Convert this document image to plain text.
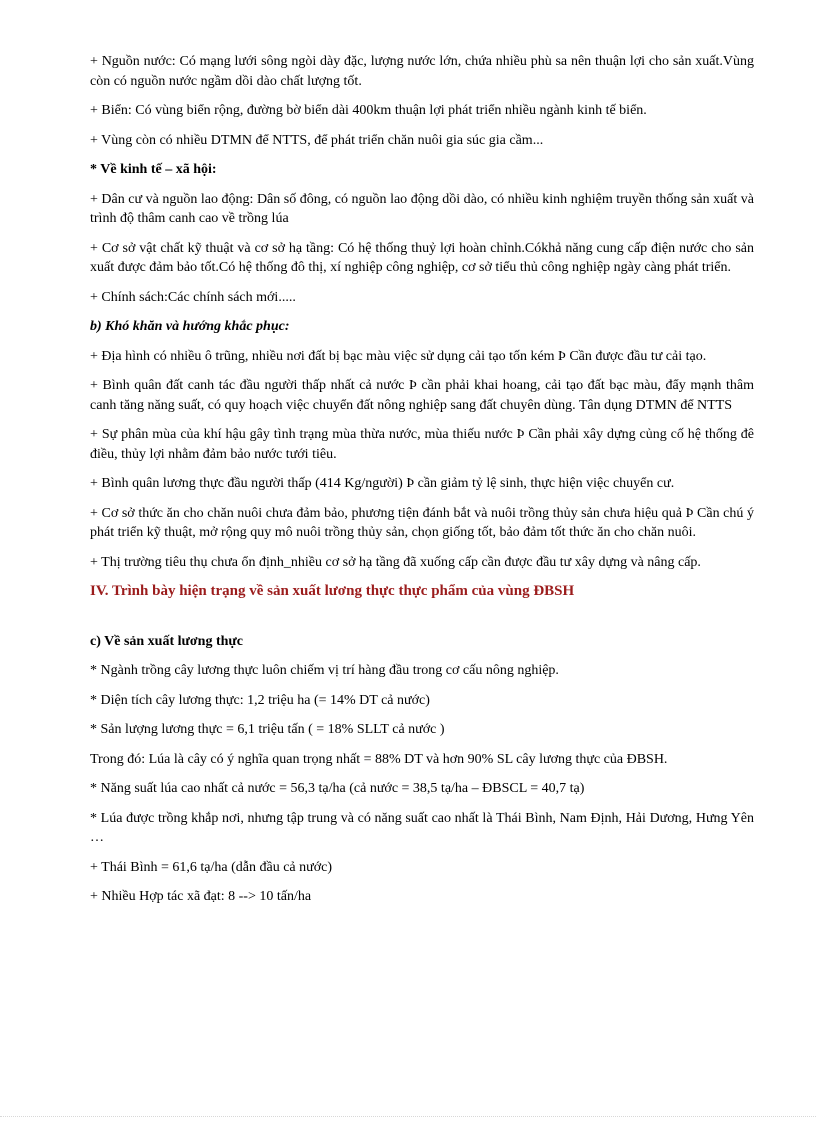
+ Nguồn nước: Có mạng lưới sông ngòi dày đặc, lượng nước lớn, chứa nhiều phù sa nên thuận lợi cho sản xuất.Vùng còn có nguồn nước ngầm dồi dào chất lượng tốt.

+ Biển: Có vùng biển rộng, đường bờ biển dài 400km thuận lợi phát triển nhiều ngành kinh tế biển.

+ Vùng còn có nhiều DTMN để NTTS, để phát triển chăn nuôi gia súc gia cầm...

* Về kinh tế – xã hội:

+ Dân cư và nguồn lao động: Dân số đông, có nguồn lao động dồi dào, có nhiều kinh nghiệm truyền thống sản xuất và trình độ thâm canh cao về trồng lúa

+ Cơ sở vật chất kỹ thuật và cơ sở hạ tầng: Có hệ thống thuỷ lợi hoàn chỉnh.Cókhả năng cung cấp điện nước cho sản xuất được đảm bảo tốt.Có hệ thống đô thị, xí nghiệp công nghiệp, cơ sở tiểu thủ công nghiệp ngày càng phát triển.

+ Chính sách:Các chính sách mới.....

b) Khó khăn và hướng khắc phục:

+ Địa hình có nhiều ô trũng, nhiều nơi đất bị bạc màu việc sử dụng cải tạo tốn kém Þ Cần được đầu tư cải tạo.

+ Bình quân đất canh tác đầu người thấp nhất cả nước Þ cần phải khai hoang, cải tạo đất bạc màu, đẩy mạnh thâm canh tăng năng suất, có quy hoạch việc chuyển đất nông nghiệp sang đất chuyên dùng. Tân dụng DTMN để NTTS

+ Sự phân mùa của khí hậu gây tình trạng mùa thừa nước, mùa thiếu nước Þ Cần phải xây dựng củng cố hệ thống đê điều, thủy lợi nhằm đảm bảo nước tưới tiêu.

+ Bình quân lương thực đầu người thấp (414 Kg/người) Þ cần giảm tỷ lệ sinh, thực hiện việc chuyển cư.

+ Cơ sở thức ăn cho chăn nuôi chưa đảm bảo, phương tiện đánh bắt và nuôi trồng thủy sản chưa hiệu quả Þ Cần chú ý phát triển kỹ thuật, mở rộng quy mô nuôi trồng thủy sản, chọn giống tốt, bảo đảm tốt thức ăn cho chăn nuôi.

+ Thị trường tiêu thụ chưa ổn định_nhiều cơ sở hạ tầng đã xuống cấp cần được đầu tư xây dựng và nâng cấp.

IV. Trình bày hiện trạng về sản xuất lương thực thực phẩm của vùng ĐBSH

c) Về sản xuất lương thực

* Ngành trồng cây lương thực luôn chiếm vị trí hàng đầu trong cơ cấu nông nghiệp.

* Diện tích cây lương thực: 1,2 triệu ha (= 14% DT cả nước)

* Sản lượng lương thực = 6,1 triệu tấn ( = 18% SLLT cả nước )

Trong đó: Lúa là cây có ý nghĩa quan trọng nhất = 88% DT và hơn 90% SL cây lương thực của ĐBSH.

* Năng suất lúa cao nhất cả nước = 56,3 tạ/ha (cả nước = 38,5 tạ/ha – ĐBSCL = 40,7 tạ)

* Lúa được trồng khắp nơi, nhưng tập trung và có năng suất cao nhất là Thái Bình, Nam Định, Hải Dương, Hưng Yên …

+ Thái Bình = 61,6 tạ/ha (dẫn đầu cả nước)

+ Nhiều Hợp tác xã đạt: 8 --> 10 tấn/ha
